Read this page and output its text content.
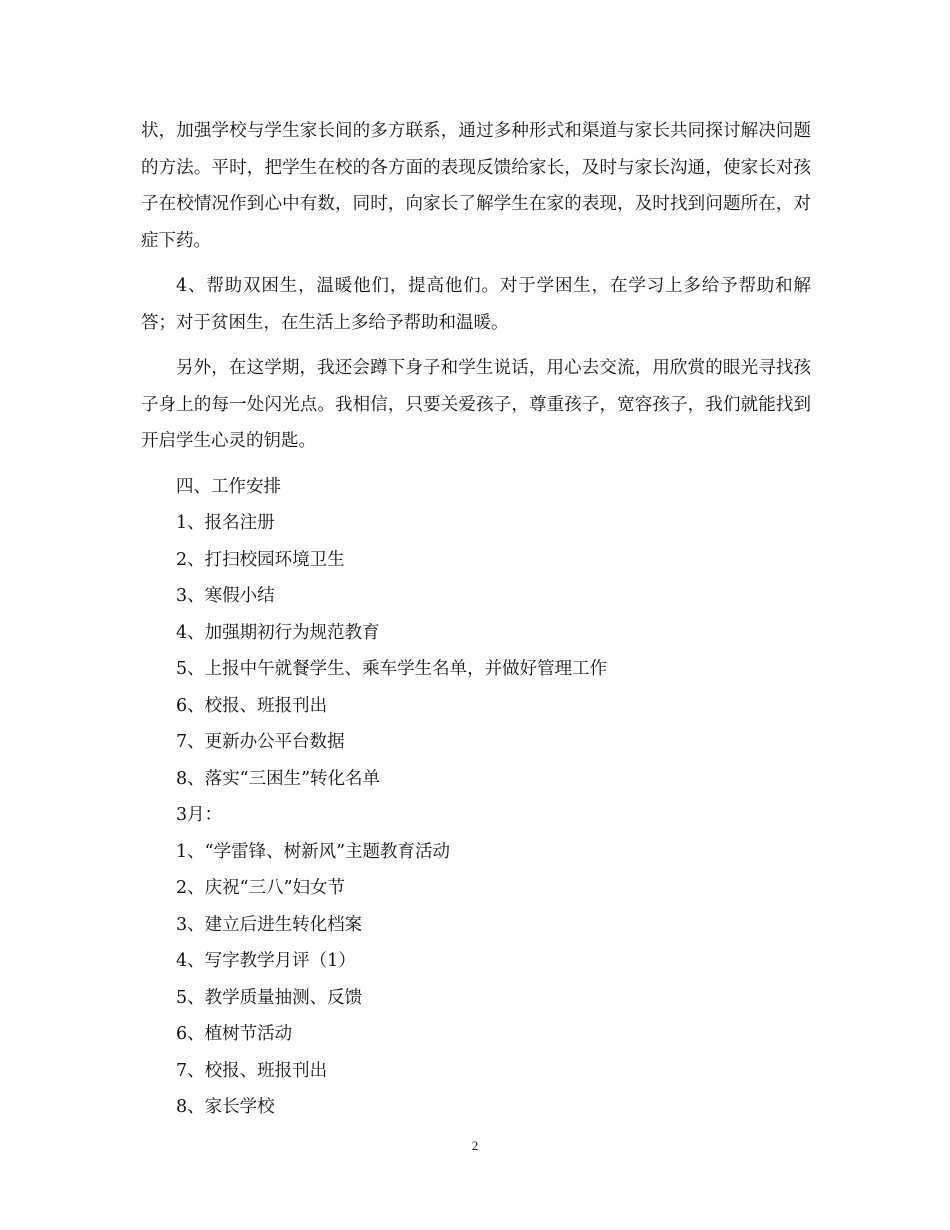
状，加强学校与学生家长间的多方联系，通过多种形式和渠道与家长共同探讨解决问题的方法。平时，把学生在校的各方面的表现反馈给家长，及时与家长沟通，使家长对孩子在校情况作到心中有数，同时，向家长了解学生在家的表现，及时找到问题所在，对症下药。

4、帮助双困生，温暖他们，提高他们。对于学困生，在学习上多给予帮助和解答；对于贫困生，在生活上多给予帮助和温暖。

另外，在这学期，我还会蹲下身子和学生说话，用心去交流，用欣赏的眼光寻找孩子身上的每一处闪光点。我相信，只要关爱孩子，尊重孩子，宽容孩子，我们就能找到开启学生心灵的钥匙。

四、工作安排
1、报名注册
2、打扫校园环境卫生
3、寒假小结
4、加强期初行为规范教育
5、上报中午就餐学生、乘车学生名单，并做好管理工作
6、校报、班报刊出
7、更新办公平台数据
8、落实“三困生”转化名单
3月：
1、“学雷锋、树新风”主题教育活动
2、庆祝“三八”妇女节
3、建立后进生转化档案
4、写字教学月评（1）
5、教学质量抽测、反馈
6、植树节活动
7、校报、班报刊出
8、家长学校
2
